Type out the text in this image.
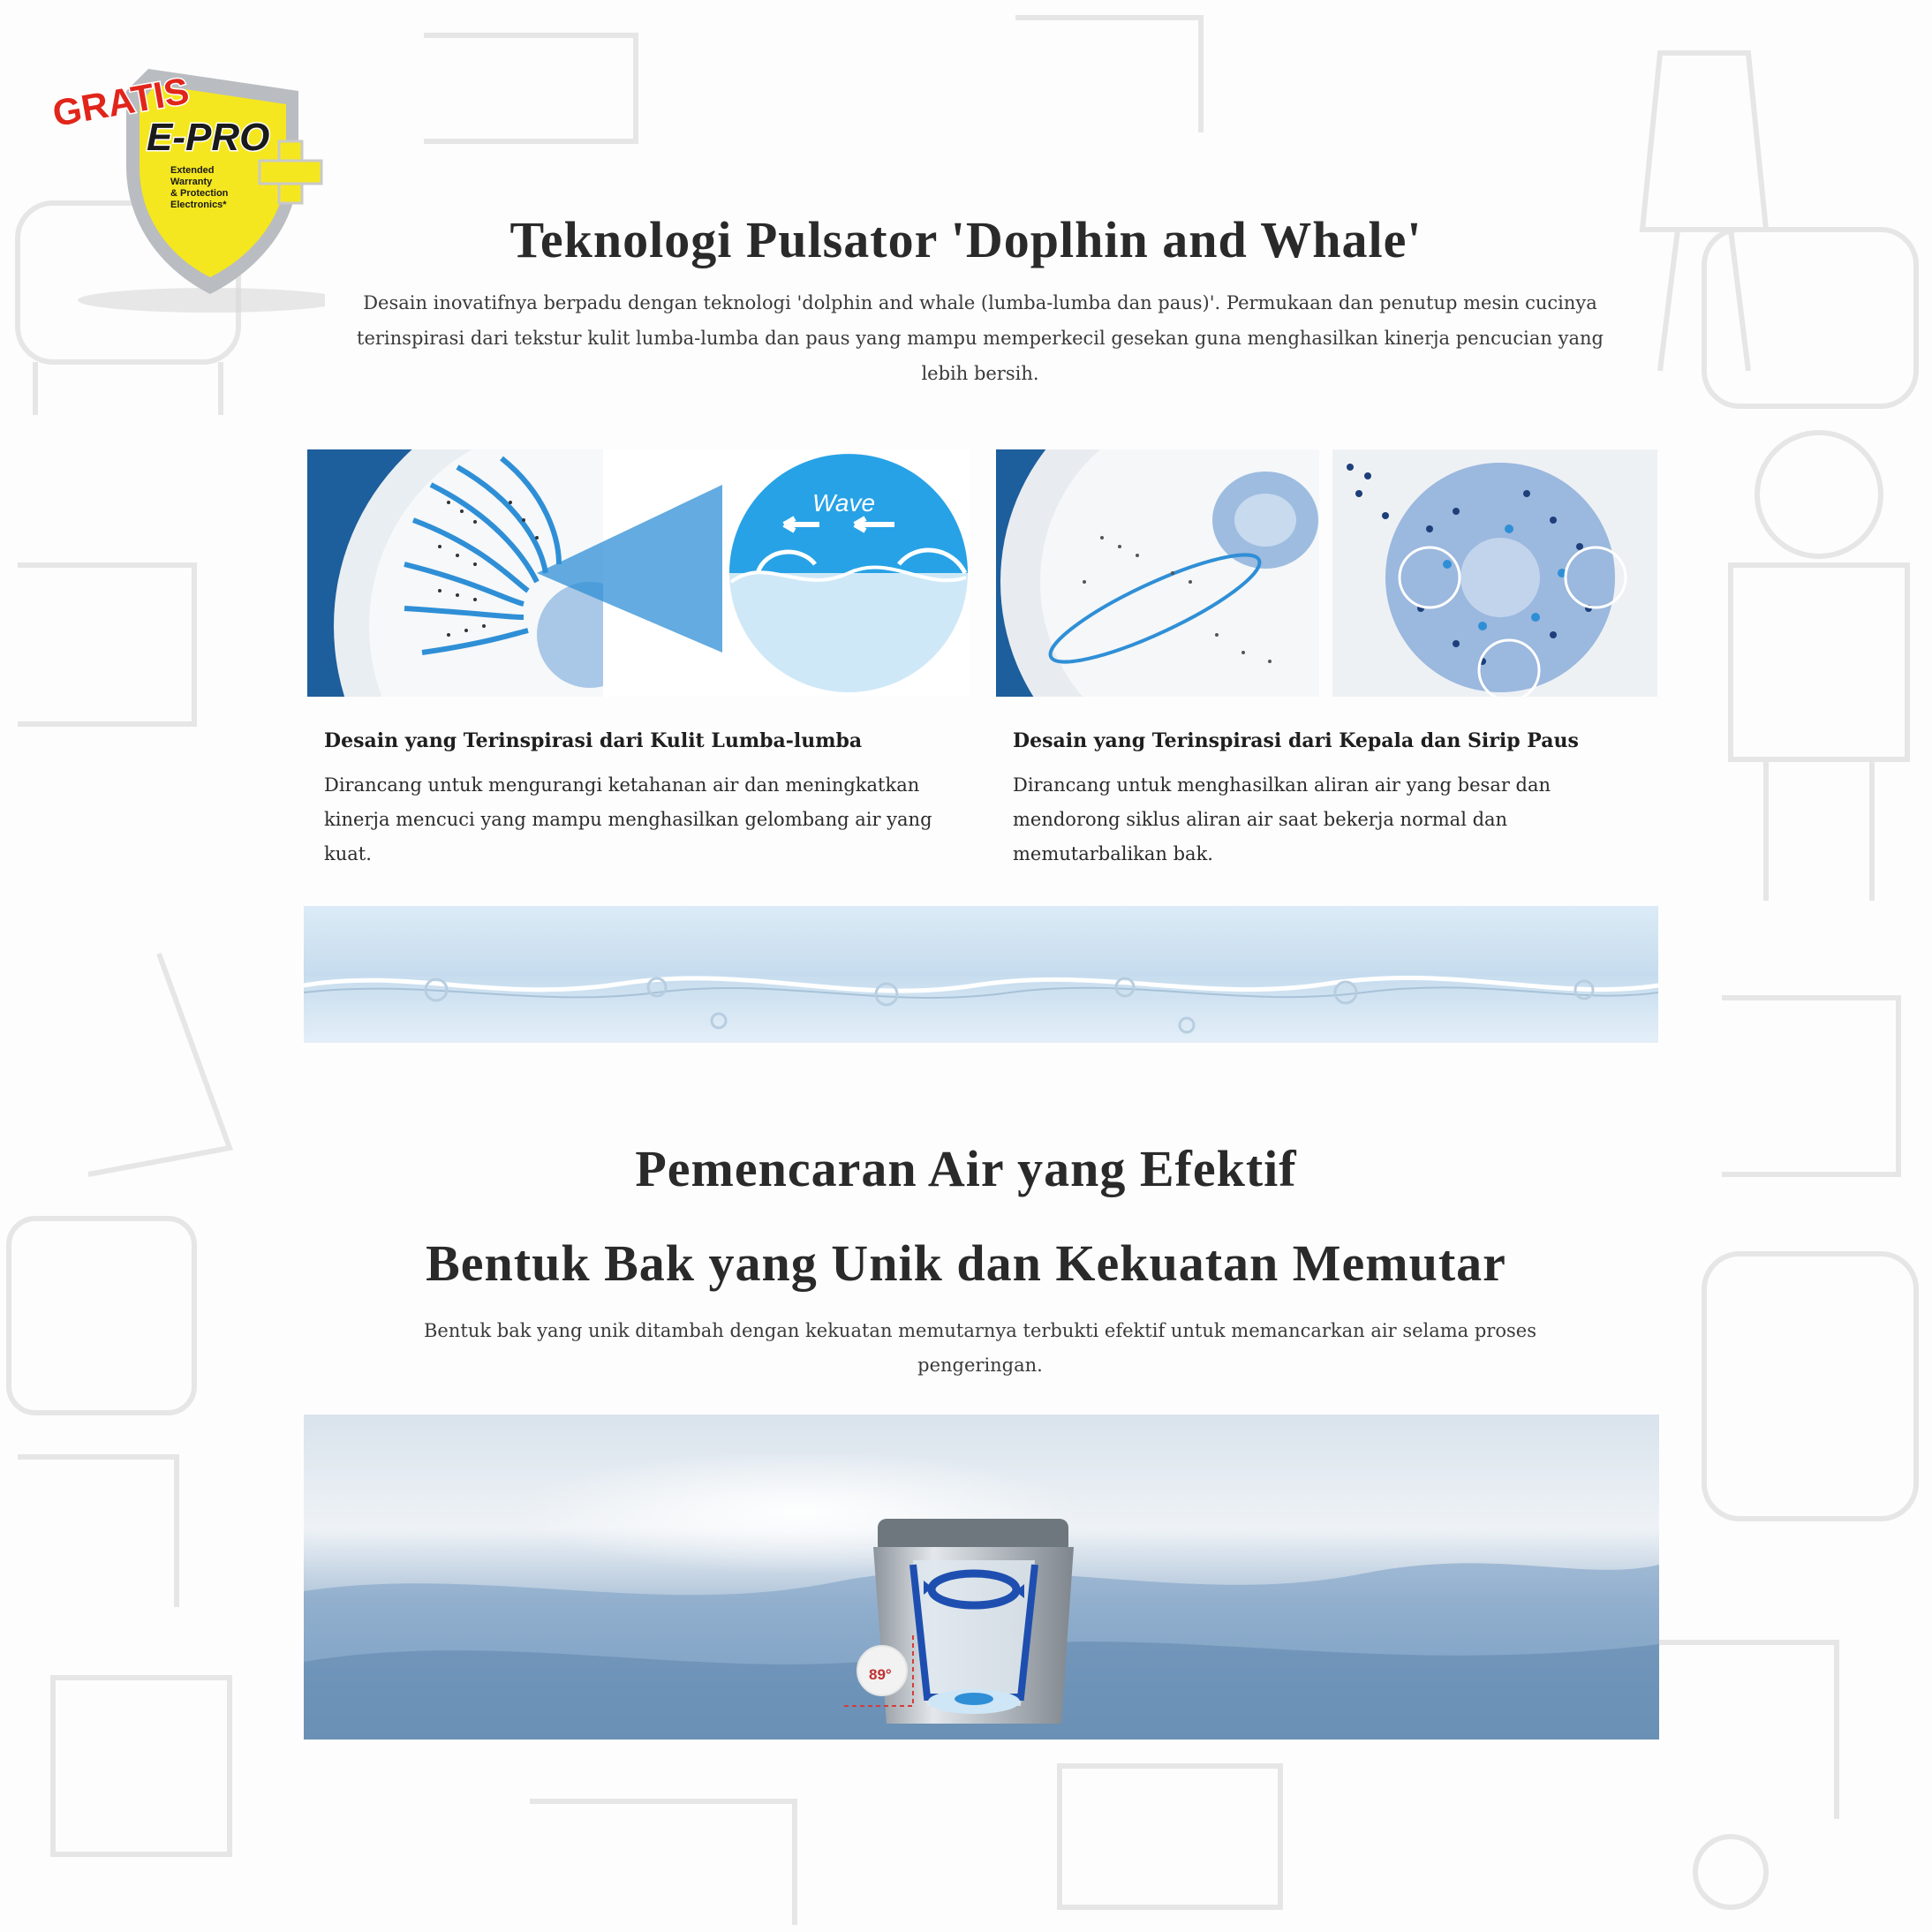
GRATIS
E-PRO
Extended
Warranty
& Protection
Electronics*
Teknologi Pulsator 'Doplhin and Whale'

Desain inovatifnya berpadu dengan teknologi 'dolphin and whale (lumba-lumba dan paus)'. Permukaan dan penutup mesin cucinya terinspirasi dari tekstur kulit lumba-lumba dan paus yang mampu memperkecil gesekan guna menghasilkan kinerja pencucian yang lebih bersih.

Wave
Desain yang Terinspirasi dari Kulit Lumba-lumba

Dirancang untuk mengurangi ketahanan air dan meningkatkan kinerja mencuci yang mampu menghasilkan gelombang air yang kuat.

Desain yang Terinspirasi dari Kepala dan Sirip Paus

Dirancang untuk menghasilkan aliran air yang besar dan mendorong siklus aliran air saat bekerja normal dan memutarbalikan bak.

Pemencaran Air yang Efektif
Bentuk Bak yang Unik dan Kekuatan Memutar

Bentuk bak yang unik ditambah dengan kekuatan memutarnya terbukti efektif untuk memancarkan air selama proses pengeringan.

89°
